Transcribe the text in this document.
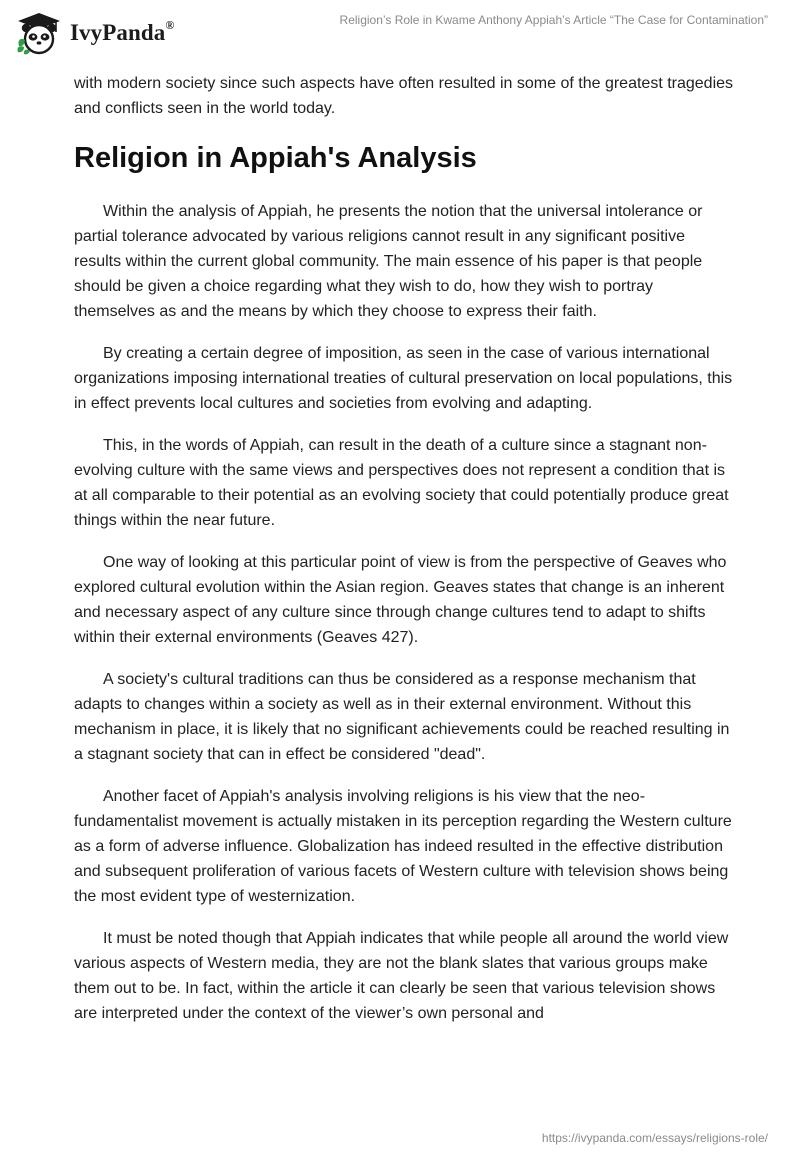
IvyPanda®	Religion’s Role in Kwame Anthony Appiah’s Article “The Case for Contamination”

with modern society since such aspects have often resulted in some of the greatest tragedies and conflicts seen in the world today.

Religion in Appiah's Analysis

Within the analysis of Appiah, he presents the notion that the universal intolerance or partial tolerance advocated by various religions cannot result in any significant positive results within the current global community. The main essence of his paper is that people should be given a choice regarding what they wish to do, how they wish to portray themselves as and the means by which they choose to express their faith.

By creating a certain degree of imposition, as seen in the case of various international organizations imposing international treaties of cultural preservation on local populations, this in effect prevents local cultures and societies from evolving and adapting.

This, in the words of Appiah, can result in the death of a culture since a stagnant non-evolving culture with the same views and perspectives does not represent a condition that is at all comparable to their potential as an evolving society that could potentially produce great things within the near future.

One way of looking at this particular point of view is from the perspective of Geaves who explored cultural evolution within the Asian region. Geaves states that change is an inherent and necessary aspect of any culture since through change cultures tend to adapt to shifts within their external environments (Geaves 427).

A society's cultural traditions can thus be considered as a response mechanism that adapts to changes within a society as well as in their external environment. Without this mechanism in place, it is likely that no significant achievements could be reached resulting in a stagnant society that can in effect be considered "dead".

Another facet of Appiah's analysis involving religions is his view that the neo-fundamentalist movement is actually mistaken in its perception regarding the Western culture as a form of adverse influence. Globalization has indeed resulted in the effective distribution and subsequent proliferation of various facets of Western culture with television shows being the most evident type of westernization.

It must be noted though that Appiah indicates that while people all around the world view various aspects of Western media, they are not the blank slates that various groups make them out to be. In fact, within the article it can clearly be seen that various television shows are interpreted under the context of the viewer’s own personal and

https://ivypanda.com/essays/religions-role/
